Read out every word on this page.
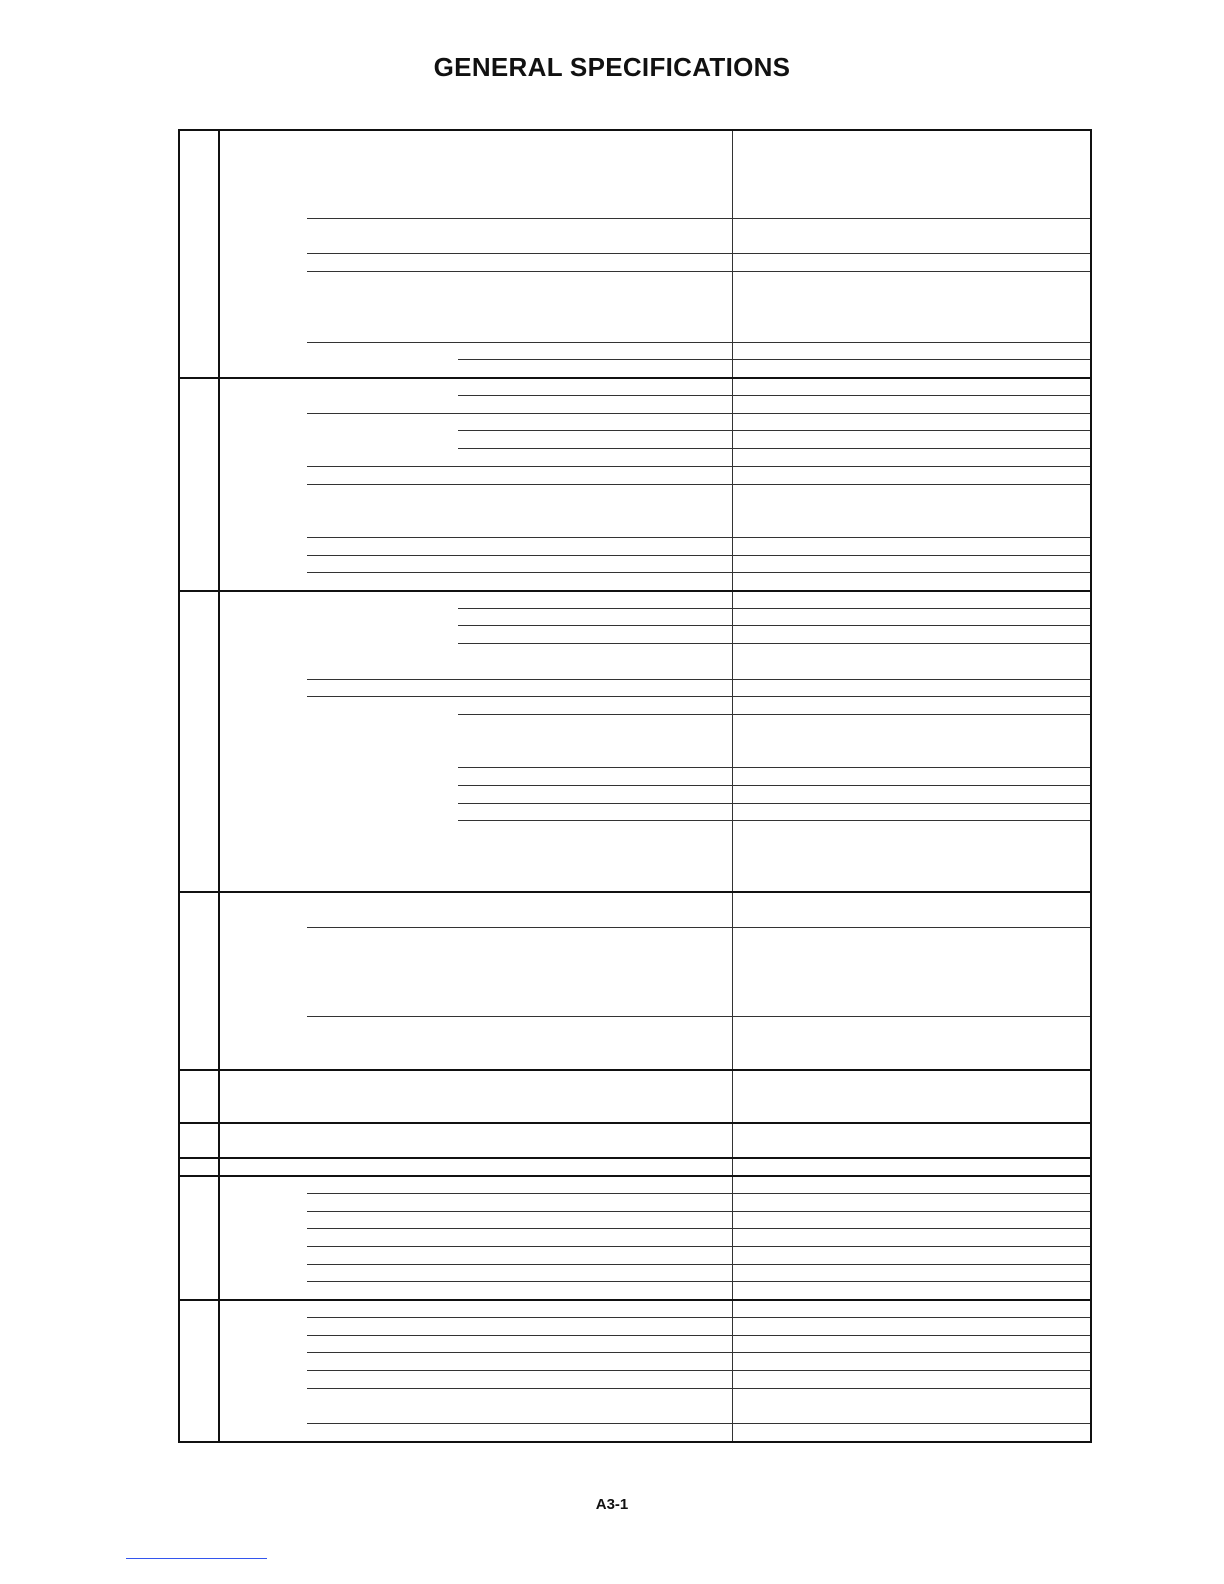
GENERAL SPECIFICATIONS
A3-1
